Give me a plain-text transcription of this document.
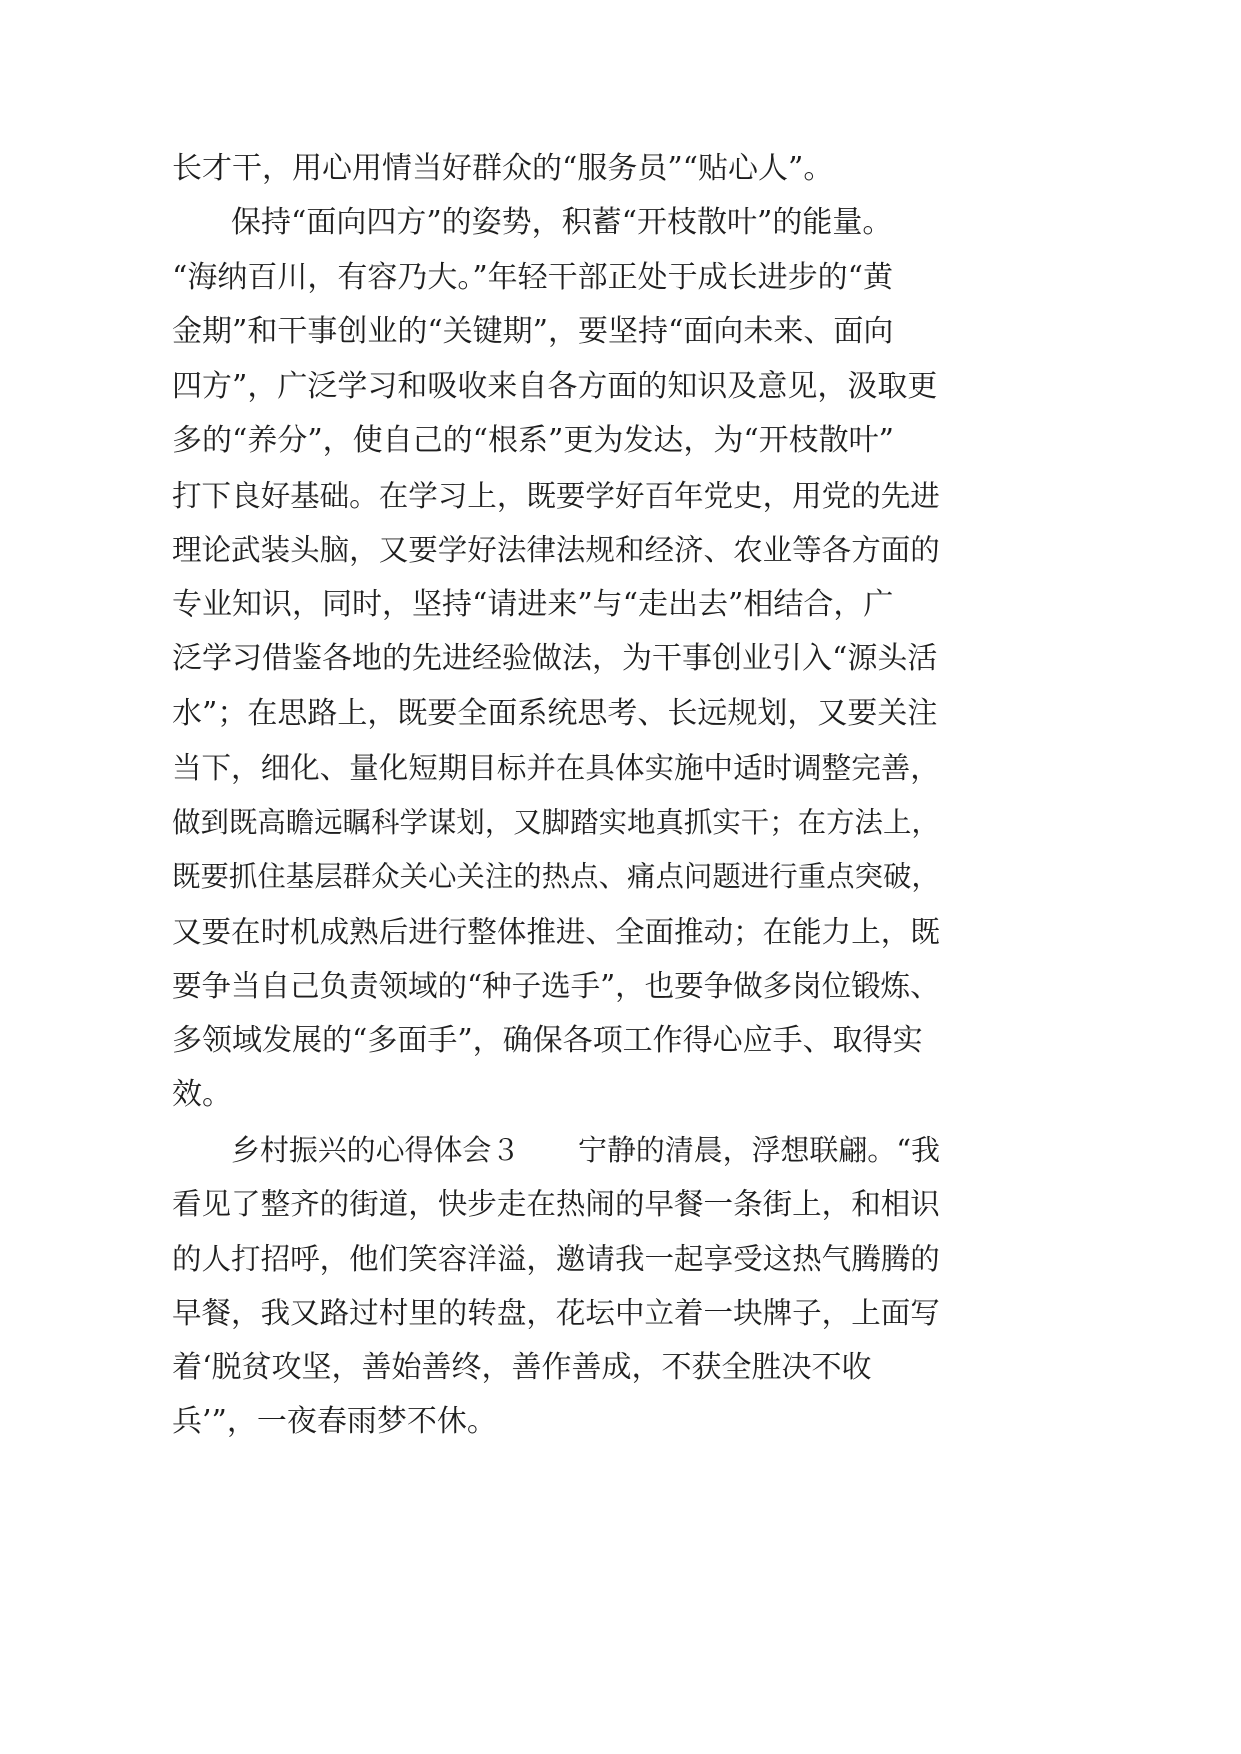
长才干，用心用情当好群众的“服务员”“贴心人”。
保持“面向四方”的姿势，积蓄“开枝散叶”的能量。
“海纳百川，有容乃大。”年轻干部正处于成长进步的“黄
金期”和干事创业的“关键期”，要坚持“面向未来、面向
四方”，广泛学习和吸收来自各方面的知识及意见，汲取更
多的“养分”，使自己的“根系”更为发达，为“开枝散叶”
打下良好基础。在学习上，既要学好百年党史，用党的先进
理论武装头脑，又要学好法律法规和经济、农业等各方面的
专业知识，同时，坚持“请进来”与“走出去”相结合，广
泛学习借鉴各地的先进经验做法，为干事创业引入“源头活
水”；在思路上，既要全面系统思考、长远规划，又要关注
当下，细化、量化短期目标并在具体实施中适时调整完善，
做到既高瞻远瞩科学谋划，又脚踏实地真抓实干；在方法上，
既要抓住基层群众关心关注的热点、痛点问题进行重点突破，
又要在时机成熟后进行整体推进、全面推动；在能力上，既
要争当自己负责领域的“种子选手”，也要争做多岗位锻炼、
多领域发展的“多面手”，确保各项工作得心应手、取得实
效。
乡村振兴的心得体会３　　宁静的清晨，浮想联翩。“我
看见了整齐的街道，快步走在热闹的早餐一条街上，和相识
的人打招呼，他们笑容洋溢，邀请我一起享受这热气腾腾的
早餐，我又路过村里的转盘，花坛中立着一块牌子，上面写
着‘脱贫攻坚，善始善终，善作善成，不获全胜决不收
兵’”，一夜春雨梦不休。
